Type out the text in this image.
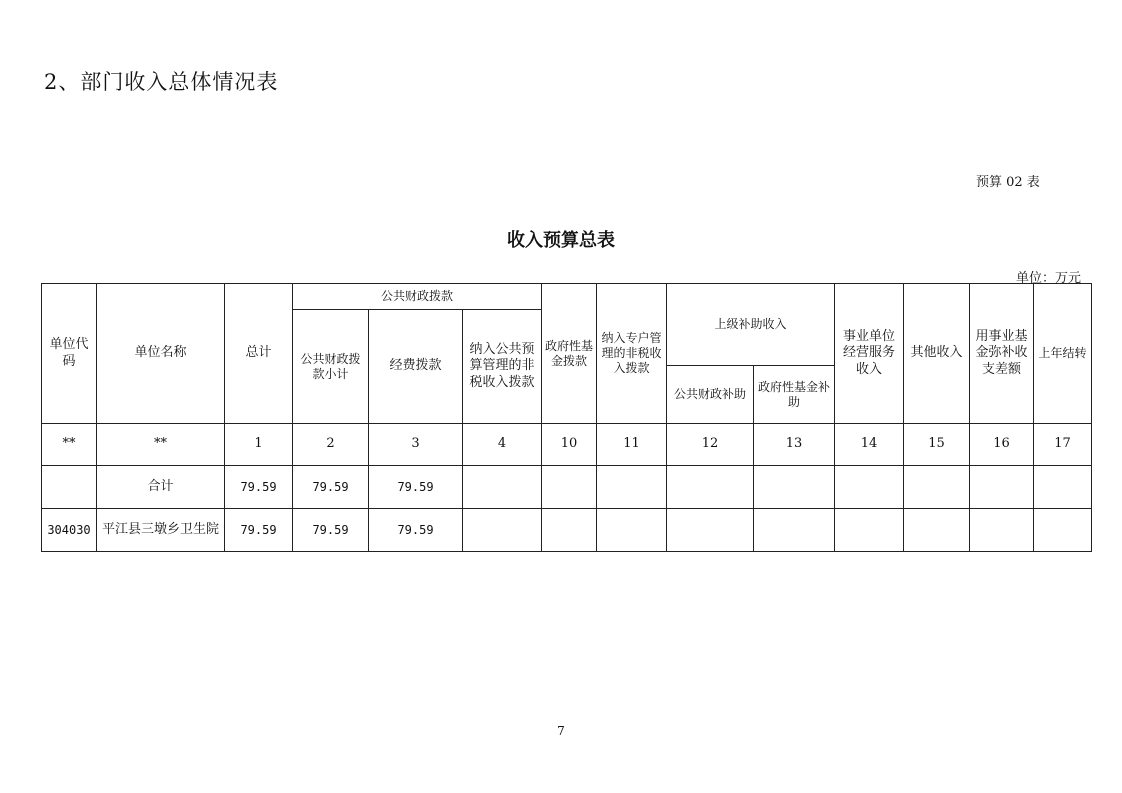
2、部门收入总体情况表
预算 02 表
收入预算总表
单位：万元
单位代码	单位名称	总计	公共财政拨款			政府性基金拨款	纳入专户管理的非税收入拨款	上级补助收入		事业单位经营服务收入	其他收入	用事业基金弥补收支差额	上年结转
			公共财政拨款小计	经费拨款	纳入公共预算管理的非税收入拨款								
								公共财政补助	政府性基金补助				
**	**	1	2	3	4	10	11	12	13	14	15	16	17
	合计	79.59	79.59	79.59									
304030	平江县三墩乡卫生院	79.59	79.59	79.59									
7
